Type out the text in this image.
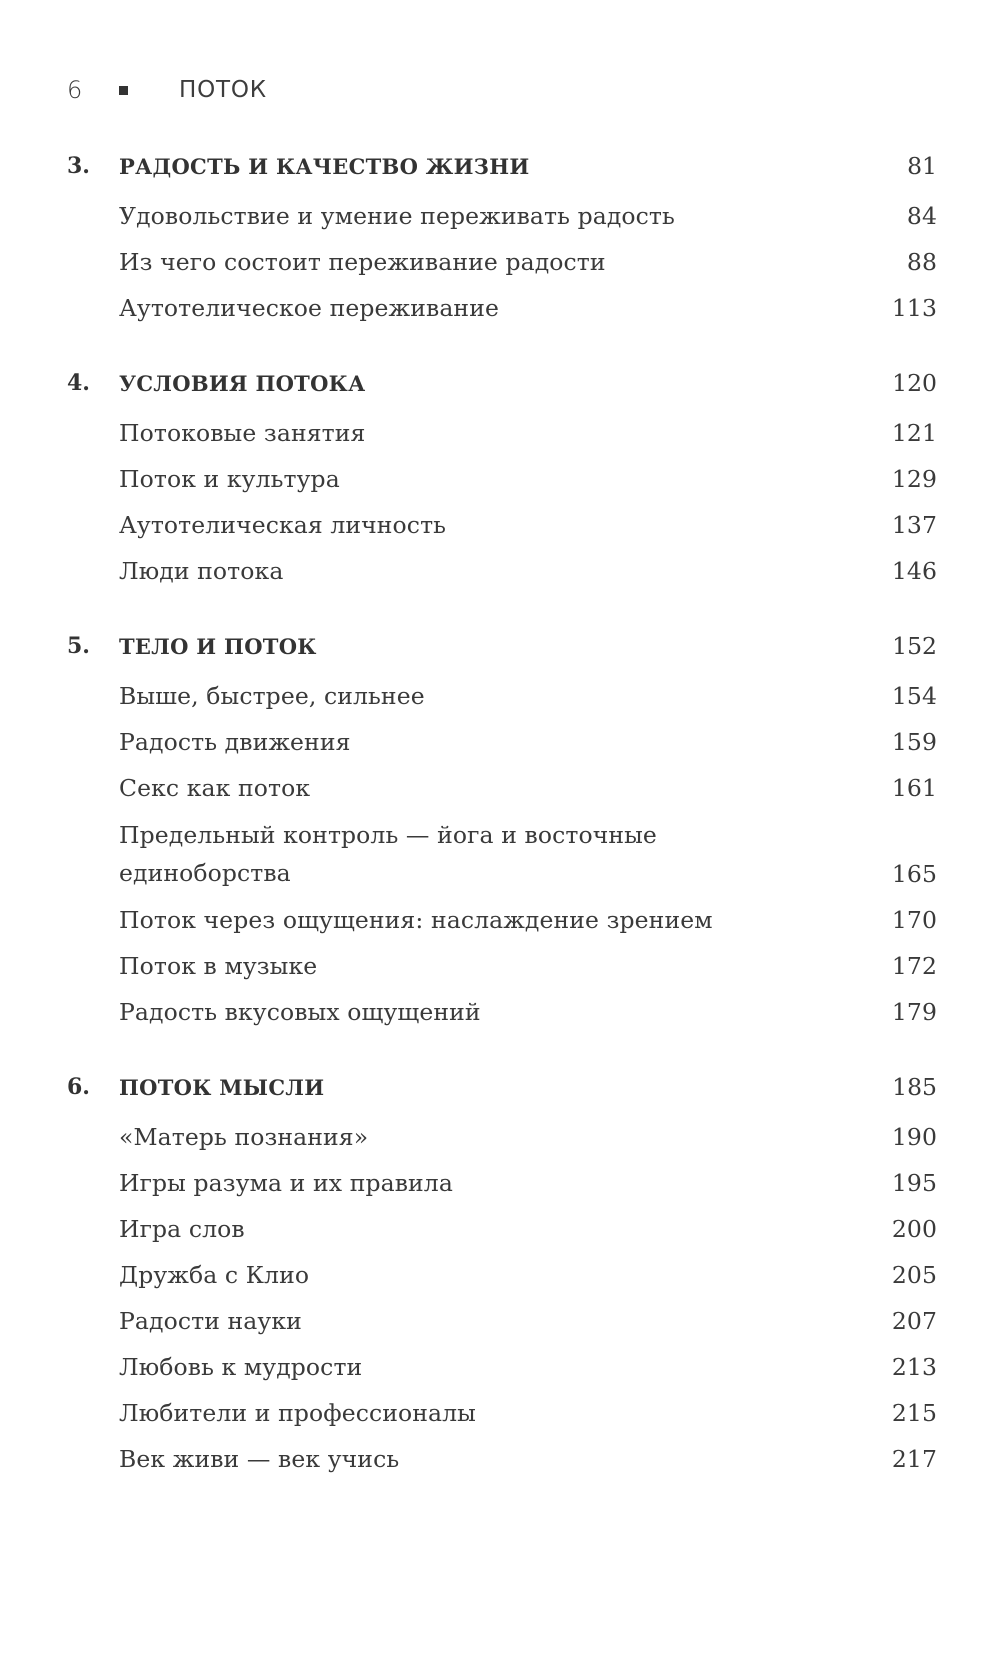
6	ПОТОК
3.	РАДОСТЬ И КАЧЕСТВО ЖИЗНИ	81
Удовольствие и умение переживать радость	84
Из чего состоит переживание радости	88
Аутотелическое переживание	113
4.	УСЛОВИЯ ПОТОКА	120
Потоковые занятия	121
Поток и культура	129
Аутотелическая личность	137
Люди потока	146
5.	ТЕЛО И ПОТОК	152
Выше, быстрее, сильнее	154
Радость движения	159
Секс как поток	161
Предельный контроль — йога и восточные единоборства	165
Поток через ощущения: наслаждение зрением	170
Поток в музыке	172
Радость вкусовых ощущений	179
6.	ПОТОК МЫСЛИ	185
«Матерь познания»	190
Игры разума и их правила	195
Игра слов	200
Дружба с Клио	205
Радости науки	207
Любовь к мудрости	213
Любители и профессионалы	215
Век живи — век учись	217
